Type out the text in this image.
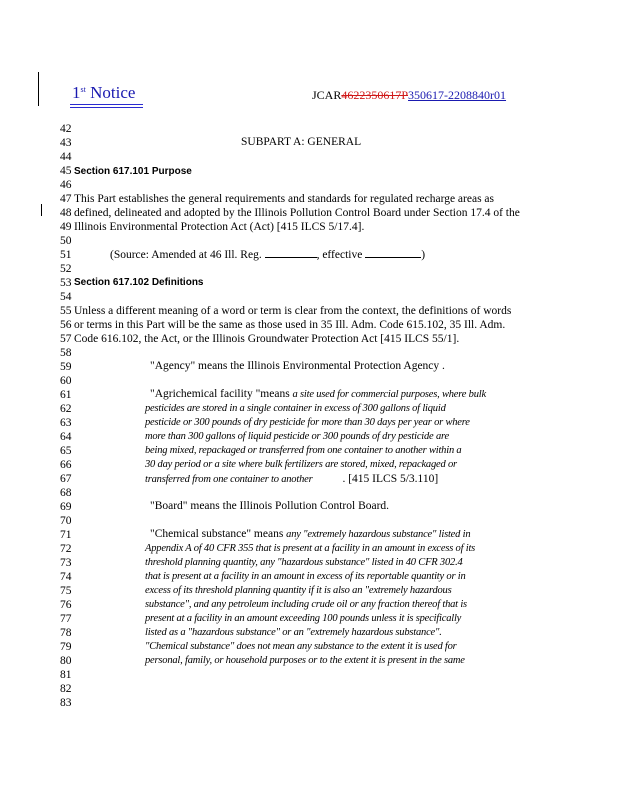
1st Notice	JCAR4622350617P350617-2208840r01
42
43	SUBPART A: GENERAL
44
45 Section 617.101 Purpose
46
47 This Part establishes the general requirements and standards for regulated recharge areas as
48 defined, delineated and adopted by the Illinois Pollution Control Board under Section 17.4 of the
49 Illinois Environmental Protection Act (Act) [415 ILCS 5/17.4].
50
51	(Source: Amended at 46 Ill. Reg.	, effective	)
52
53 Section 617.102 Definitions
54
55 Unless a different meaning of a word or term is clear from the context, the definitions of words
56 or terms in this Part will be the same as those used in 35 Ill. Adm. Code 615.102, 35 Ill. Adm.
57 Code 616.102, the Act, or the Illinois Groundwater Protection Act [415 ILCS 55/1].
58
59	"Agency" means the Illinois Environmental Protection Agency .
60
61	"Agrichemical facility "means a site used for commercial purposes, where bulk
62	pesticides are stored in a single container in excess of 300 gallons of liquid
63	pesticide or 300 pounds of dry pesticide for more than 30 days per year or where
64	more than 300 gallons of liquid pesticide or 300 pounds of dry pesticide are
65	being mixed, repackaged or transferred from one container to another within a
66	30 day period or a site where bulk fertilizers are stored, mixed, repackaged or
67	transferred from one container to another	. [415 ILCS 5/3.110]
68
69	"Board" means the Illinois Pollution Control Board.
70
71	"Chemical substance" means any "extremely hazardous substance" listed in
72	Appendix A of 40 CFR 355 that is present at a facility in an amount in excess of its
73	threshold planning quantity, any "hazardous substance" listed in 40 CFR 302.4
74	that is present at a facility in an amount in excess of its reportable quantity or in
75	excess of its threshold planning quantity if it is also an "extremely hazardous
76	substance", and any petroleum including crude oil or any fraction thereof that is
77	present at a facility in an amount exceeding 100 pounds unless it is specifically
78	listed as a "hazardous substance" or an "extremely hazardous substance".
79	"Chemical substance" does not mean any substance to the extent it is used for
80	personal, family, or household purposes or to the extent it is present in the same
81
82
83
